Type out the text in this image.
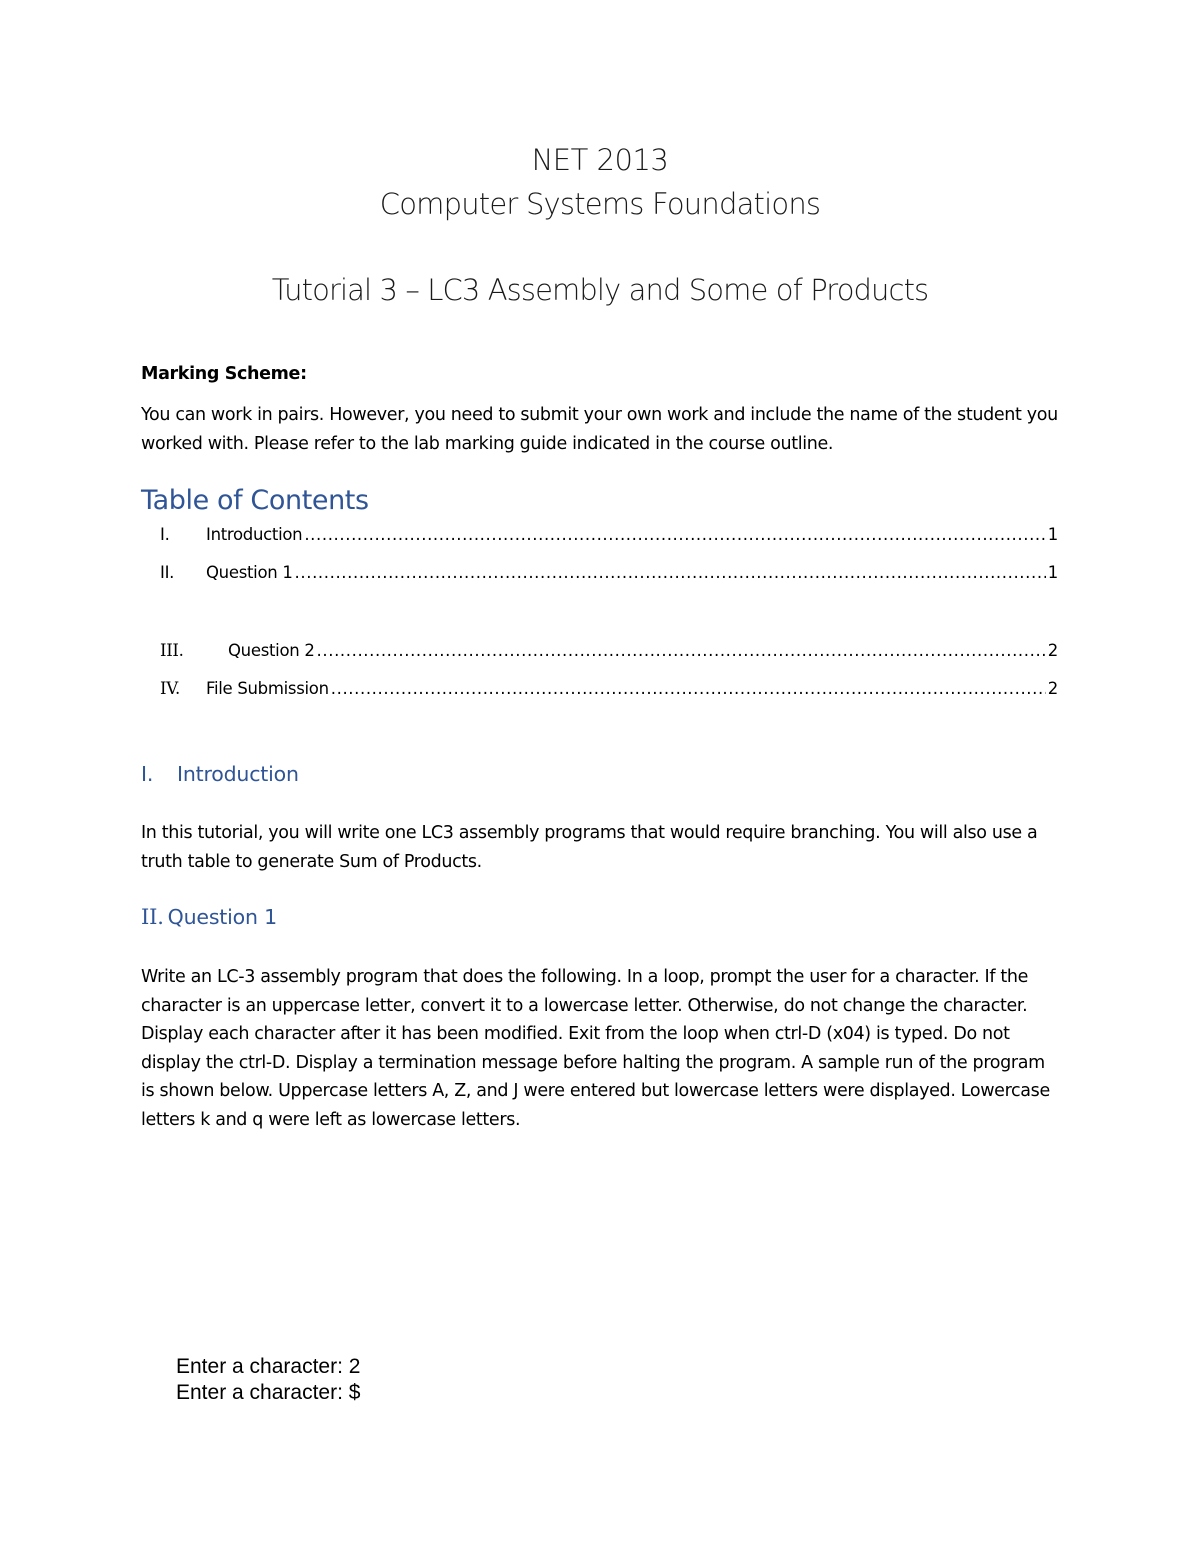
NET 2013
Computer Systems Foundations
Tutorial 3 – LC3 Assembly and Some of Products
Marking Scheme:
You can work in pairs. However, you need to submit your own work and include the name of the student you worked with. Please refer to the lab marking guide indicated in the course outline.
Table of Contents
I.	Introduction .....	1
II.	Question 1 .....	1
III.	Question 2 .....	2
IV.	File Submission .....	2
I. Introduction
In this tutorial, you will write one LC3 assembly programs that would require branching. You will also use a truth table to generate Sum of Products.
II. Question 1
Write an LC-3 assembly program that does the following. In a loop, prompt the user for a character. If the character is an uppercase letter, convert it to a lowercase letter. Otherwise, do not change the character. Display each character after it has been modified. Exit from the loop when ctrl-D (x04) is typed. Do not display the ctrl-D. Display a termination message before halting the program. A sample run of the program is shown below. Uppercase letters A, Z, and J were entered but lowercase letters were displayed. Lowercase letters k and q were left as lowercase letters.
Enter a character: 2
Enter a character: $
